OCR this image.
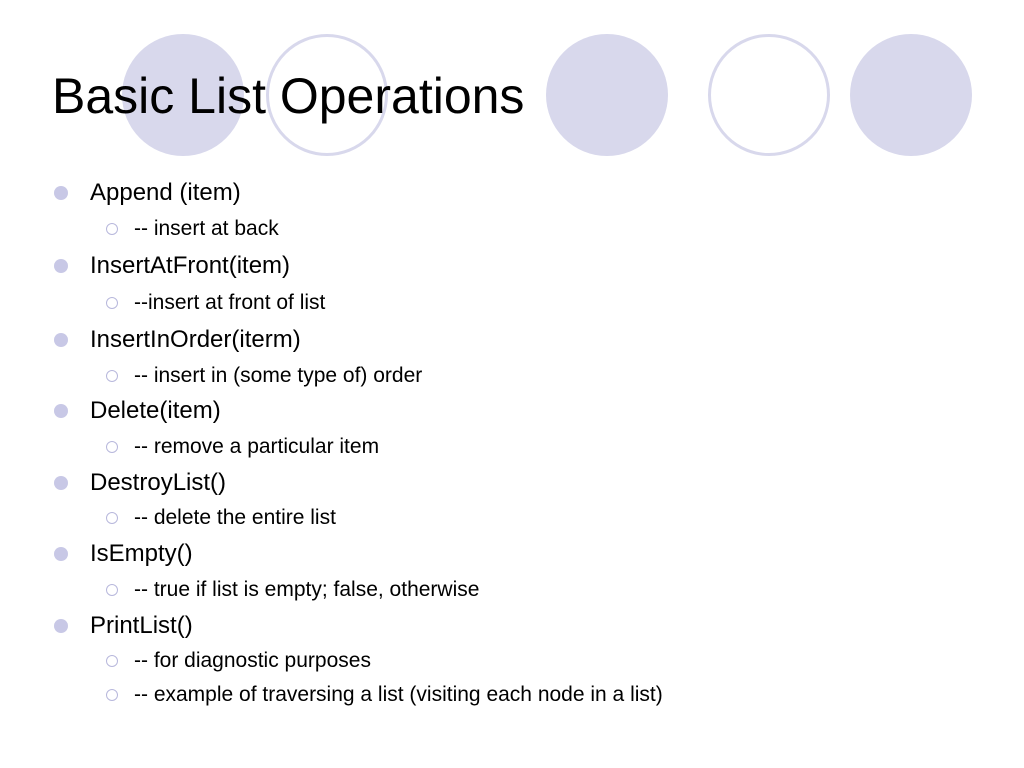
Basic List Operations
Append (item)
-- insert at back
InsertAtFront(item)
--insert at front of list
InsertInOrder(iterm)
-- insert in (some type of) order
Delete(item)
-- remove a particular item
DestroyList()
-- delete the entire list
IsEmpty()
-- true if list is empty; false, otherwise
PrintList()
-- for diagnostic purposes
-- example of traversing a list (visiting each node in a list)
